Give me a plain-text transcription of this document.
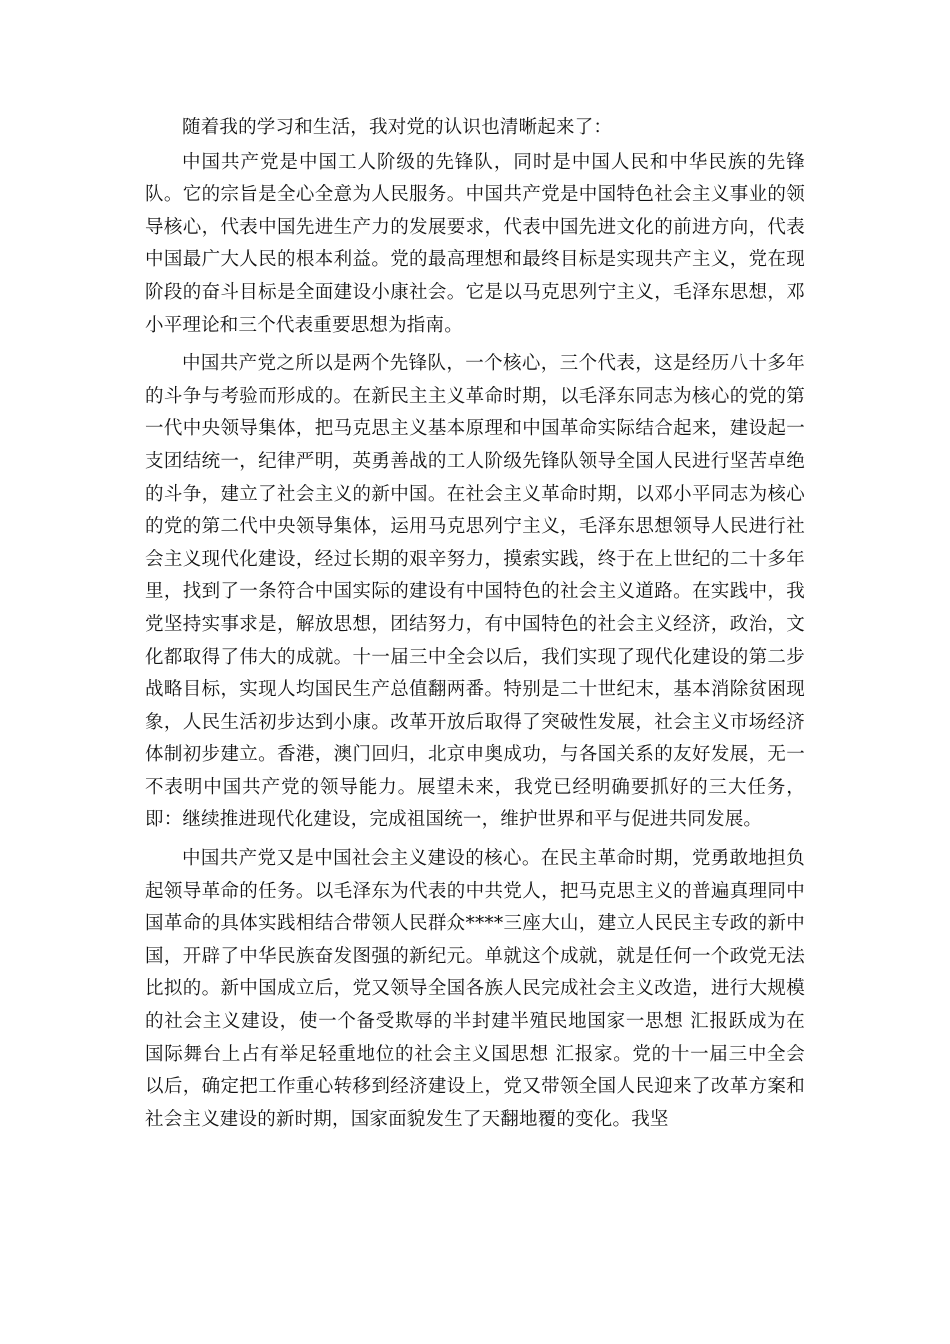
随着我的学习和生活，我对党的认识也清晰起来了：

中国共产党是中国工人阶级的先锋队，同时是中国人民和中华民族的先锋队。它的宗旨是全心全意为人民服务。中国共产党是中国特色社会主义事业的领导核心，代表中国先进生产力的发展要求，代表中国先进文化的前进方向，代表中国最广大人民的根本利益。党的最高理想和最终目标是实现共产主义，党在现阶段的奋斗目标是全面建设小康社会。它是以马克思列宁主义，毛泽东思想，邓小平理论和三个代表重要思想为指南。

中国共产党之所以是两个先锋队，一个核心，三个代表，这是经历八十多年的斗争与考验而形成的。在新民主主义革命时期，以毛泽东同志为核心的党的第一代中央领导集体，把马克思主义基本原理和中国革命实际结合起来，建设起一支团结统一，纪律严明，英勇善战的工人阶级先锋队领导全国人民进行坚苦卓绝的斗争，建立了社会主义的新中国。在社会主义革命时期，以邓小平同志为核心的党的第二代中央领导集体，运用马克思列宁主义，毛泽东思想领导人民进行社会主义现代化建设，经过长期的艰辛努力，摸索实践，终于在上世纪的二十多年里，找到了一条符合中国实际的建设有中国特色的社会主义道路。在实践中，我党坚持实事求是，解放思想，团结努力，有中国特色的社会主义经济，政治，文化都取得了伟大的成就。十一届三中全会以后，我们实现了现代化建设的第二步战略目标，实现人均国民生产总值翻两番。特别是二十世纪末，基本消除贫困现象，人民生活初步达到小康。改革开放后取得了突破性发展，社会主义市场经济体制初步建立。香港，澳门回归，北京申奥成功，与各国关系的友好发展，无一不表明中国共产党的领导能力。展望未来，我党已经明确要抓好的三大任务，即：继续推进现代化建设，完成祖国统一，维护世界和平与促进共同发展。

中国共产党又是中国社会主义建设的核心。在民主革命时期，党勇敢地担负起领导革命的任务。以毛泽东为代表的中共党人，把马克思主义的普遍真理同中国革命的具体实践相结合带领人民群众****三座大山，建立人民民主专政的新中国，开辟了中华民族奋发图强的新纪元。单就这个成就，就是任何一个政党无法比拟的。新中国成立后，党又领导全国各族人民完成社会主义改造，进行大规模的社会主义建设，使一个备受欺辱的半封建半殖民地国家一思想 汇报跃成为在国际舞台上占有举足轻重地位的社会主义国思想 汇报家。党的十一届三中全会以后，确定把工作重心转移到经济建设上，党又带领全国人民迎来了改革方案和社会主义建设的新时期，国家面貌发生了天翻地覆的变化。我坚
